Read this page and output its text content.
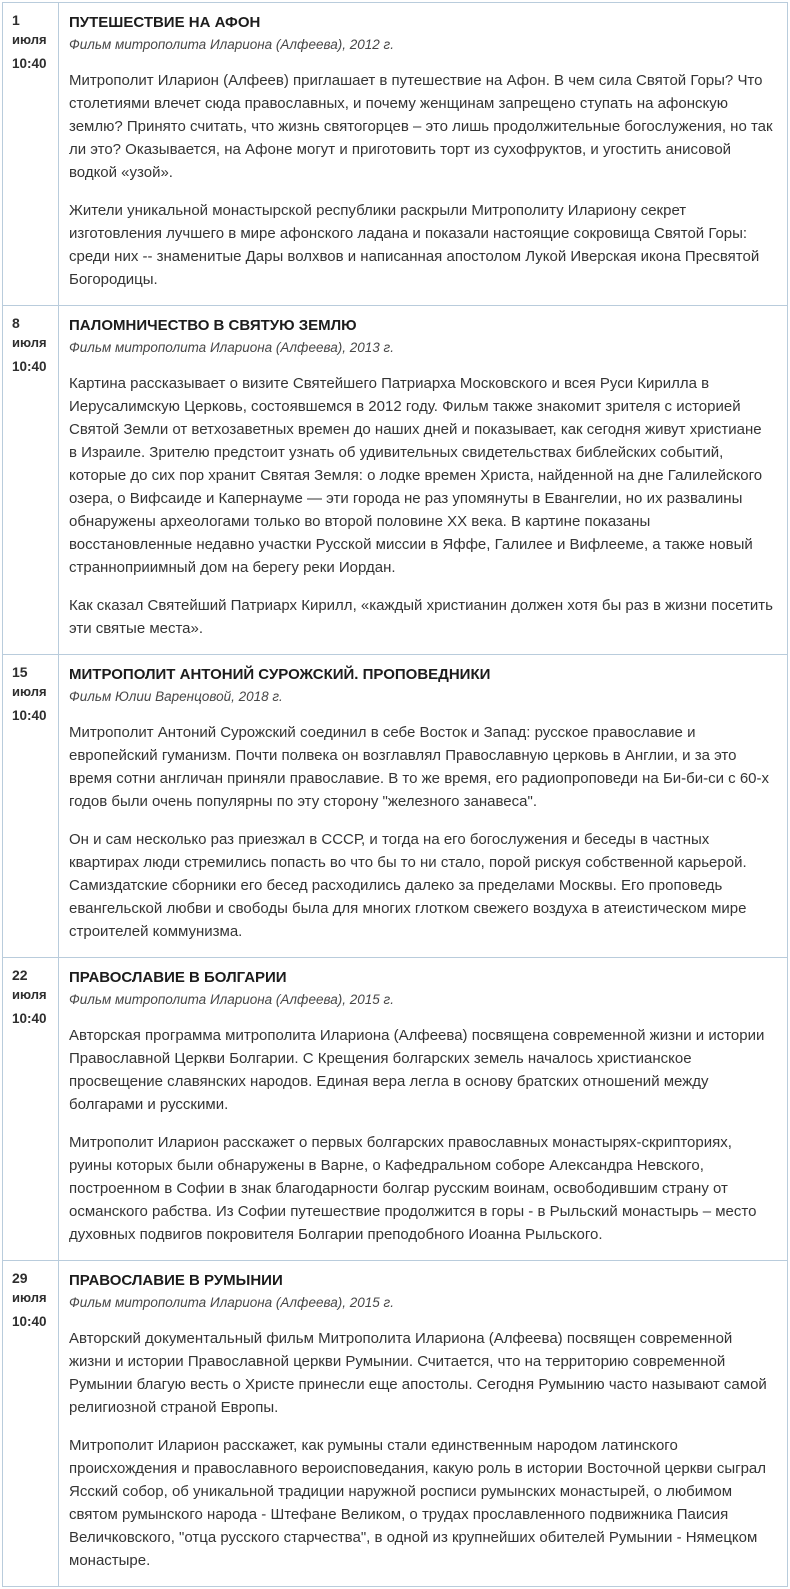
1
июля
10:40
ПУТЕШЕСТВИЕ НА АФОН
Фильм митрополита Илариона (Алфеева), 2012 г.

Митрополит Иларион (Алфеев) приглашает в путешествие на Афон. В чем сила Святой Горы? Что столетиями влечет сюда православных, и почему женщинам запрещено ступать на афонскую землю? Принято считать, что жизнь святогорцев – это лишь продолжительные богослужения, но так ли это? Оказывается, на Афоне могут и приготовить торт из сухофруктов, и угостить анисовой водкой «узой».

Жители уникальной монастырской республики раскрыли Митрополиту Илариону секрет изготовления лучшего в мире афонского ладана и показали настоящие сокровища Святой Горы: среди них -- знаменитые Дары волхвов и написанная апостолом Лукой Иверская икона Пресвятой Богородицы.

8
июля
10:40
ПАЛОМНИЧЕСТВО В СВЯТУЮ ЗЕМЛЮ
Фильм митрополита Илариона (Алфеева), 2013 г.

Картина рассказывает о визите Святейшего Патриарха Московского и всея Руси Кирилла в Иерусалимскую Церковь, состоявшемся в 2012 году. Фильм также знакомит зрителя с историей Святой Земли от ветхозаветных времен до наших дней и показывает, как сегодня живут христиане в Израиле. Зрителю предстоит узнать об удивительных свидетельствах библейских событий, которые до сих пор хранит Святая Земля: о лодке времен Христа, найденной на дне Галилейского озера, о Вифсаиде и Капернауме — эти города не раз упомянуты в Евангелии, но их развалины обнаружены археологами только во второй половине XX века. В картине показаны восстановленные недавно участки Русской миссии в Яффе, Галилее и Вифлееме, а также новый странноприимный дом на берегу реки Иордан.

Как сказал Святейший Патриарх Кирилл, «каждый христианин должен хотя бы раз в жизни посетить эти святые места».

15
июля
10:40
МИТРОПОЛИТ АНТОНИЙ СУРОЖСКИЙ. ПРОПОВЕДНИКИ
Фильм Юлии Варенцовой, 2018 г.

Митрополит Антоний Сурожский соединил в себе Восток и Запад: русское православие и европейский гуманизм. Почти полвека он возглавлял Православную церковь в Англии, и за это время сотни англичан приняли православие. В то же время, его радиопроповеди на Би-би-си с 60-х годов были очень популярны по эту сторону "железного занавеса".

Он и сам несколько раз приезжал в СССР, и тогда на его богослужения и беседы в частных квартирах люди стремились попасть во что бы то ни стало, порой рискуя собственной карьерой. Самиздатские сборники его бесед расходились далеко за пределами Москвы. Его проповедь евангельской любви и свободы была для многих глотком свежего воздуха в атеистическом мире строителей коммунизма.

22
июля
10:40
ПРАВОСЛАВИЕ В БОЛГАРИИ
Фильм митрополита Илариона (Алфеева), 2015 г.

Авторская программа митрополита Илариона (Алфеева) посвящена современной жизни и истории Православной Церкви Болгарии. С Крещения болгарских земель началось христианское просвещение славянских народов. Единая вера легла в основу братских отношений между болгарами и русскими.

Митрополит Иларион расскажет о первых болгарских православных монастырях-скрипториях, руины которых были обнаружены в Варне, о Кафедральном соборе Александра Невского, построенном в Софии в знак благодарности болгар русским воинам, освободившим страну от османского рабства. Из Софии путешествие продолжится в горы - в Рыльский монастырь – место духовных подвигов покровителя Болгарии преподобного Иоанна Рыльского.

29
июля
10:40
ПРАВОСЛАВИЕ В РУМЫНИИ
Фильм митрополита Илариона (Алфеева), 2015 г.

Авторский документальный фильм Митрополита Илариона (Алфеева) посвящен современной жизни и истории Православной церкви Румынии. Считается, что на территорию современной Румынии благую весть о Христе принесли еще апостолы. Сегодня Румынию часто называют самой религиозной страной Европы.

Митрополит Иларион расскажет, как румыны стали единственным народом латинского происхождения и православного вероисповедания, какую роль в истории Восточной церкви сыграл Ясский собор, об уникальной традиции наружной росписи румынских монастырей, о любимом святом румынского народа - Штефане Великом, о трудах прославленного подвижника Паисия Величковского, "отца русского старчества", в одной из крупнейших обителей Румынии - Нямецком монастыре.
